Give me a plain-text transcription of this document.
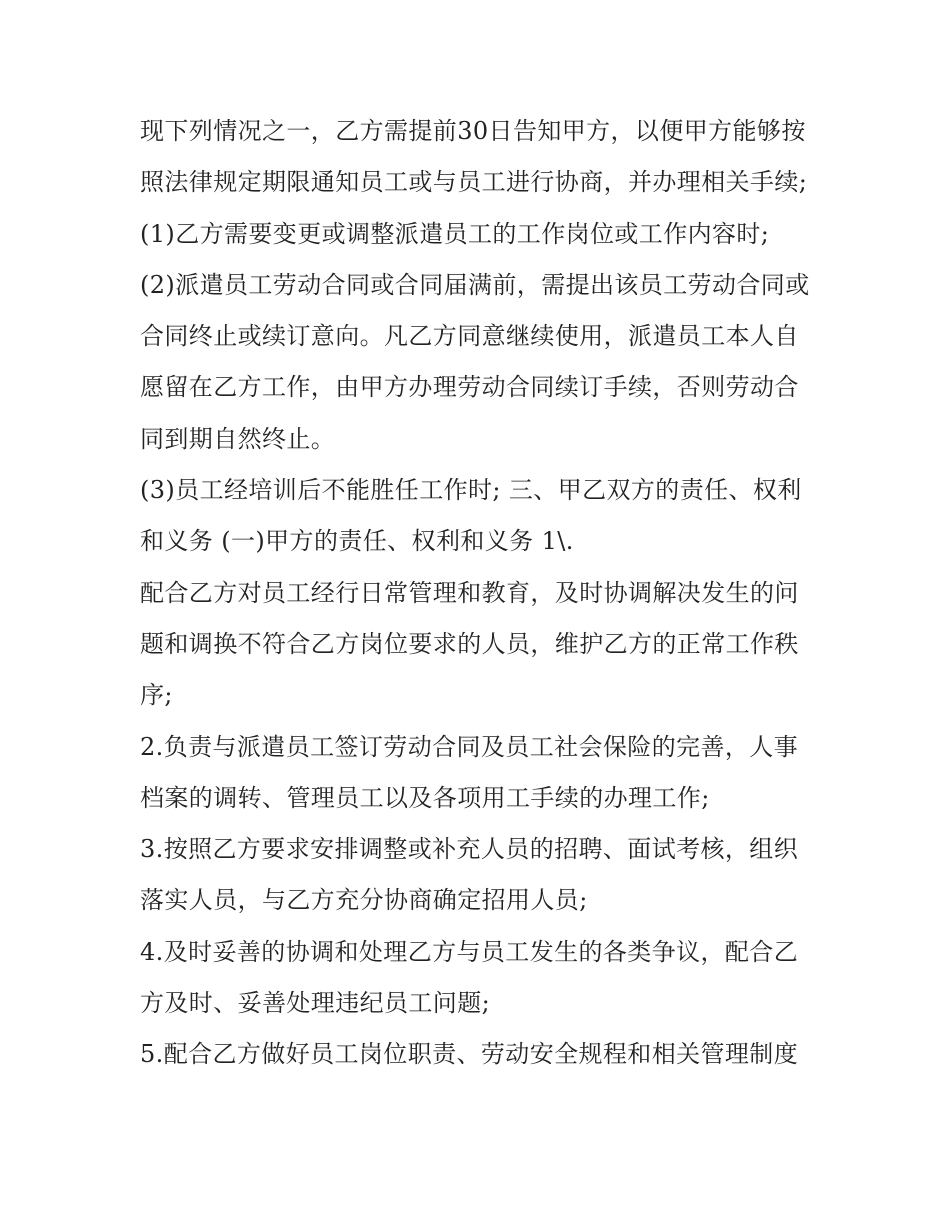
现下列情况之一，乙方需提前30日告知甲方，以便甲方能够按照法律规定期限通知员工或与员工进行协商，并办理相关手续;

(1)乙方需要变更或调整派遣员工的工作岗位或工作内容时;

(2)派遣员工劳动合同或合同届满前，需提出该员工劳动合同或合同终止或续订意向。凡乙方同意继续使用，派遣员工本人自愿留在乙方工作，由甲方办理劳动合同续订手续，否则劳动合同到期自然终止。

(3)员工经培训后不能胜任工作时; 三、甲乙双方的责任、权利和义务 (一)甲方的责任、权利和义务 1\.

配合乙方对员工经行日常管理和教育，及时协调解决发生的问题和调换不符合乙方岗位要求的人员，维护乙方的正常工作秩序;

2.负责与派遣员工签订劳动合同及员工社会保险的完善，人事档案的调转、管理员工以及各项用工手续的办理工作;

3.按照乙方要求安排调整或补充人员的招聘、面试考核，组织落实人员，与乙方充分协商确定招用人员;

4.及时妥善的协调和处理乙方与员工发生的各类争议，配合乙方及时、妥善处理违纪员工问题;

5.配合乙方做好员工岗位职责、劳动安全规程和相关管理制度
